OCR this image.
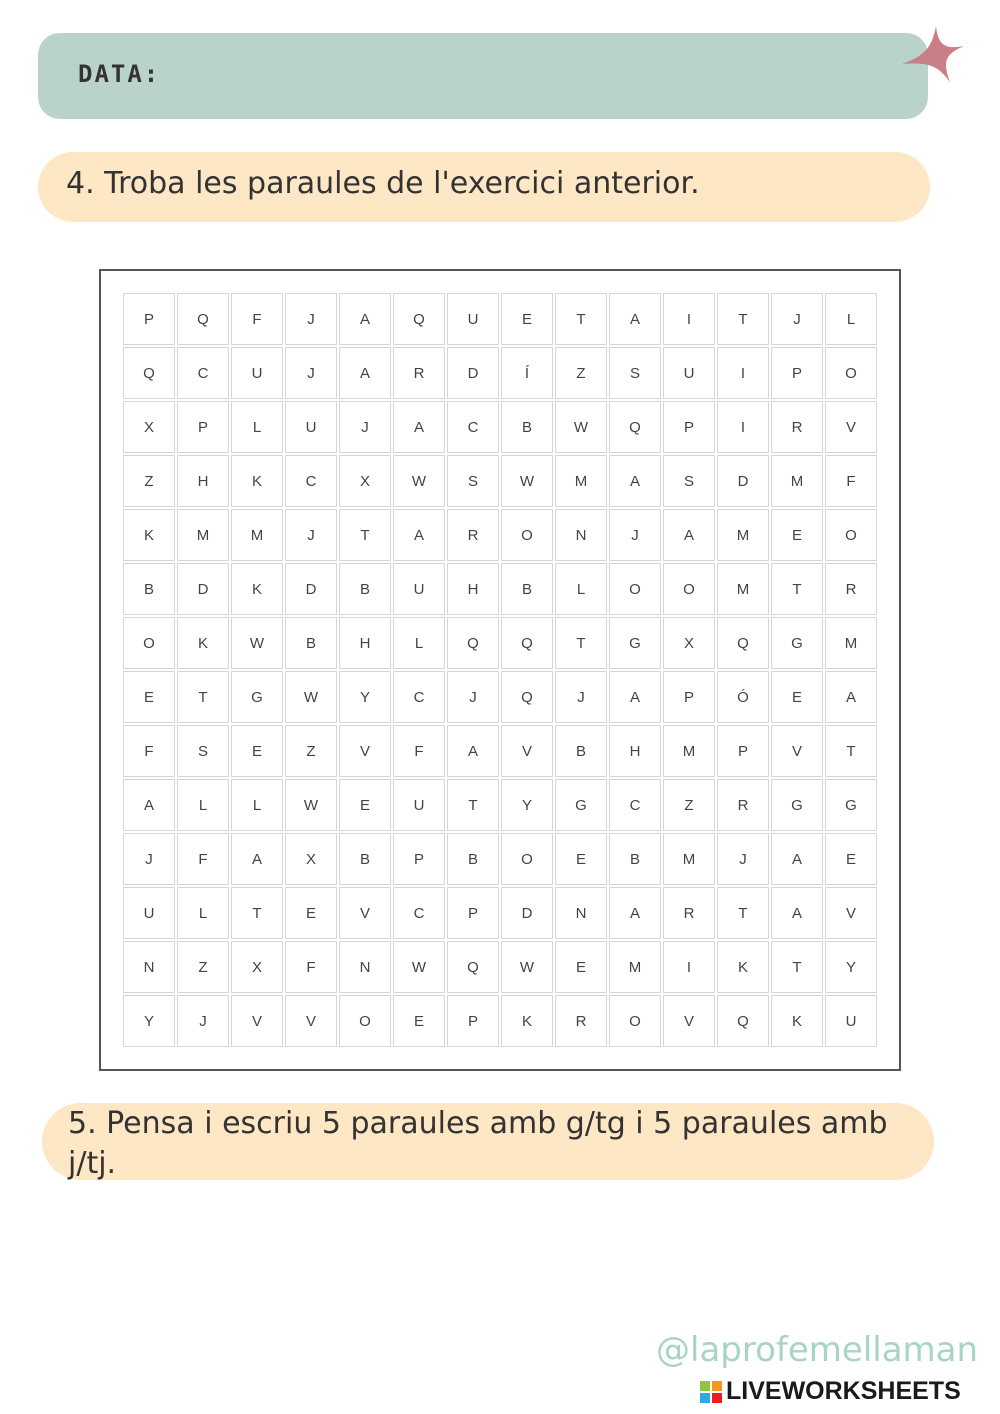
DATA:
4. Troba les paraules de l'exercici anterior.
P	Q	F	J	A	Q	U	E	T	A	I	T	J	L
Q	C	U	J	A	R	D	Í	Z	S	U	I	P	O
X	P	L	U	J	A	C	B	W	Q	P	I	R	V
Z	H	K	C	X	W	S	W	M	A	S	D	M	F
K	M	M	J	T	A	R	O	N	J	A	M	E	O
B	D	K	D	B	U	H	B	L	O	O	M	T	R
O	K	W	B	H	L	Q	Q	T	G	X	Q	G	M
E	T	G	W	Y	C	J	Q	J	A	P	Ó	E	A
F	S	E	Z	V	F	A	V	B	H	M	P	V	T
A	L	L	W	E	U	T	Y	G	C	Z	R	G	G
J	F	A	X	B	P	B	O	E	B	M	J	A	E
U	L	T	E	V	C	P	D	N	A	R	T	A	V
N	Z	X	F	N	W	Q	W	E	M	I	K	T	Y
Y	J	V	V	O	E	P	K	R	O	V	Q	K	U
5. Pensa i escriu 5 paraules amb g/tg i 5 paraules amb j/tj.
@laprofemellaman
LIVEWORKSHEETS
